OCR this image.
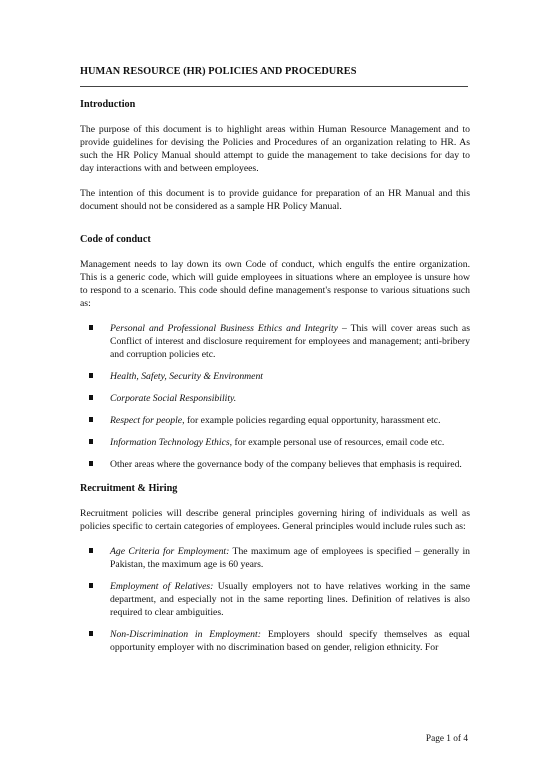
HUMAN RESOURCE (HR) POLICIES AND PROCEDURES
Introduction

The purpose of this document is to highlight areas within Human Resource Management and to provide guidelines for devising the Policies and Procedures of an organization relating to HR. As such the HR Policy Manual should attempt to guide the management to take decisions for day to day interactions with and between employees.

The intention of this document is to provide guidance for preparation of an HR Manual and this document should not be considered as a sample HR Policy Manual.

Code of conduct

Management needs to lay down its own Code of conduct, which engulfs the entire organization. This is a generic code, which will guide employees in situations where an employee is unsure how to respond to a scenario. This code should define management's response to various situations such as:

Personal and Professional Business Ethics and Integrity – This will cover areas such as Conflict of interest and disclosure requirement for employees and management; anti-bribery and corruption policies etc.
Health, Safety, Security & Environment
Corporate Social Responsibility.
Respect for people, for example policies regarding equal opportunity, harassment etc.
Information Technology Ethics, for example personal use of resources, email code etc.
Other areas where the governance body of the company believes that emphasis is required.
Recruitment & Hiring

Recruitment policies will describe general principles governing hiring of individuals as well as policies specific to certain categories of employees. General principles would include rules such as:

Age Criteria for Employment: The maximum age of employees is specified – generally in Pakistan, the maximum age is 60 years.
Employment of Relatives: Usually employers not to have relatives working in the same department, and especially not in the same reporting lines. Definition of relatives is also required to clear ambiguities.
Non-Discrimination in Employment: Employers should specify themselves as equal opportunity employer with no discrimination based on gender, religion ethnicity. For
Page 1 of 4
